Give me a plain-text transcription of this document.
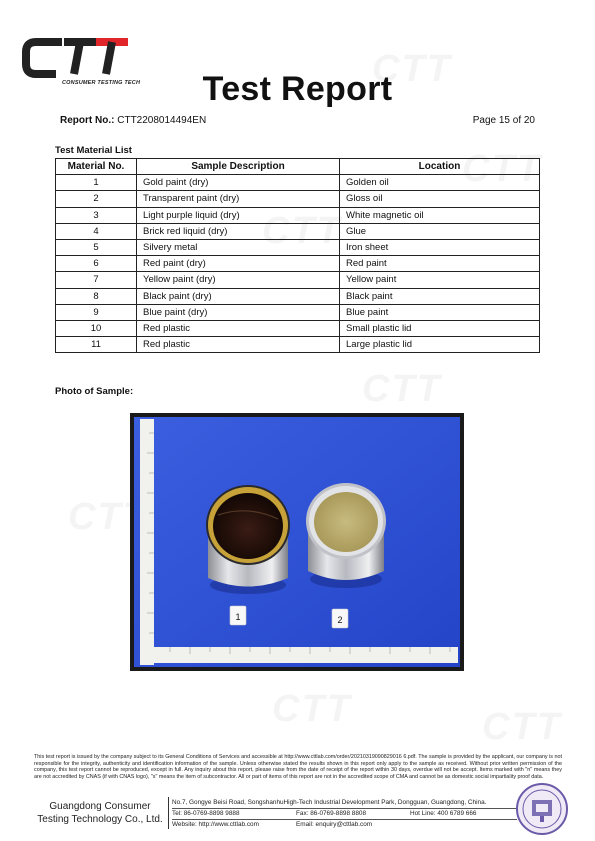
CONSUMER TESTING TECH	Test Report
Report No.: CTT2208014494EN	Page 15 of 20
Test Material List
Material No.	Sample Description	Location
1	Gold paint (dry)	Golden oil
2	Transparent paint (dry)	Gloss oil
3	Light purple liquid (dry)	White magnetic oil
4	Brick red liquid (dry)	Glue
5	Silvery metal	Iron sheet
6	Red paint (dry)	Red paint
7	Yellow paint (dry)	Yellow paint
8	Black paint (dry)	Black paint
9	Blue paint (dry)	Blue paint
10	Red plastic	Small plastic lid
11	Red plastic	Large plastic lid
Photo of Sample:
1	2
This test report is issued by the company subject to its General Conditions of Services and accessible at http://www.cttlab.com/order/20210319090829016 6.pdf. The sample is provided by the applicant, our company is not responsible for the integrity, authenticity and identification information of the sample. Unless otherwise stated the results shown in this report only apply to the sample as received. Without prior written permission of the company, this test report cannot be reproduced, except in full. Any inquiry about this report, please raise from the date of receipt of the report within 30 days, overdue will not be accept. Items marked with "n" means they are not accredited by CNAS (if with CNAS logo), "s" means the item of subcontractor. All or part of items of this report are not in the accredited scope of CMA and cannot be as domestic social impartiality proof data.
Guangdong Consumer
Testing Technology Co., Ltd.
No.7, Gongye Beisi Road, SongshanhuHigh-Tech Industrial Development Park, Dongguan, Guangdong, China.
Tel: 86-0769-8898 9888	Fax: 86-0769-8898 8808	Hot Line: 400 6789 666
Website: http://www.cttlab.com	Email: enquiry@cttlab.com
